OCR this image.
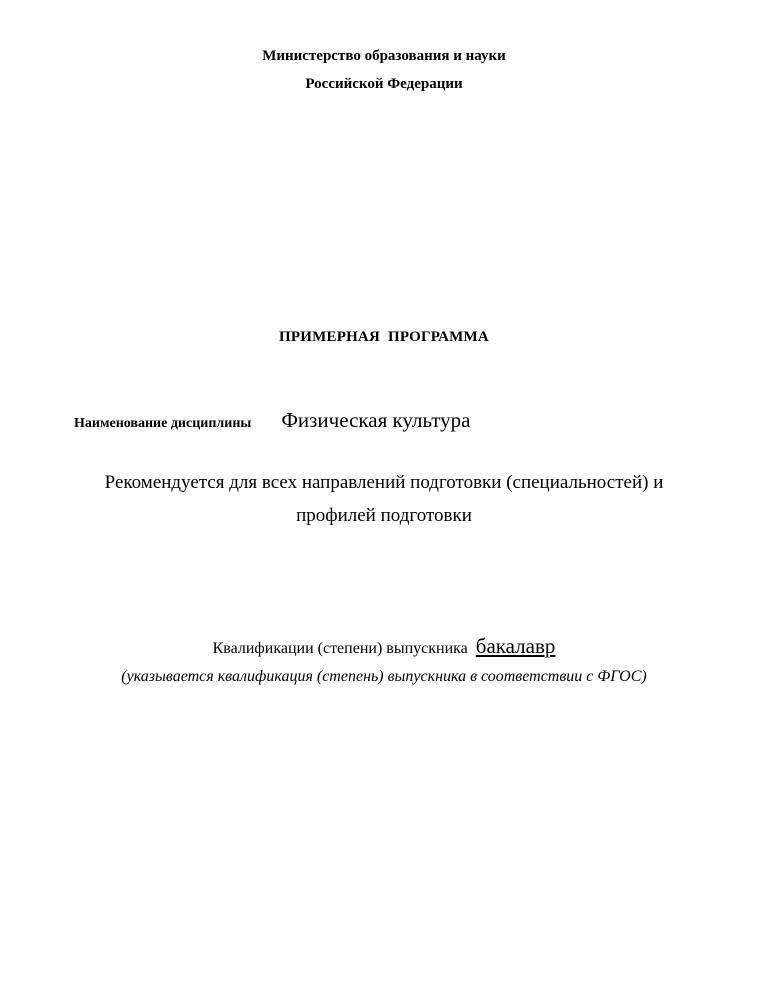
Министерство образования и науки
Российской Федерации
ПРИМЕРНАЯ ПРОГРАММА
Наименование дисциплины Физическая культура
Рекомендуется для всех направлений подготовки (специальностей) и
профилей подготовки
Квалификации (степени) выпускника бакалавр
(указывается квалификация (степень) выпускника в соответствии с ФГОС)
